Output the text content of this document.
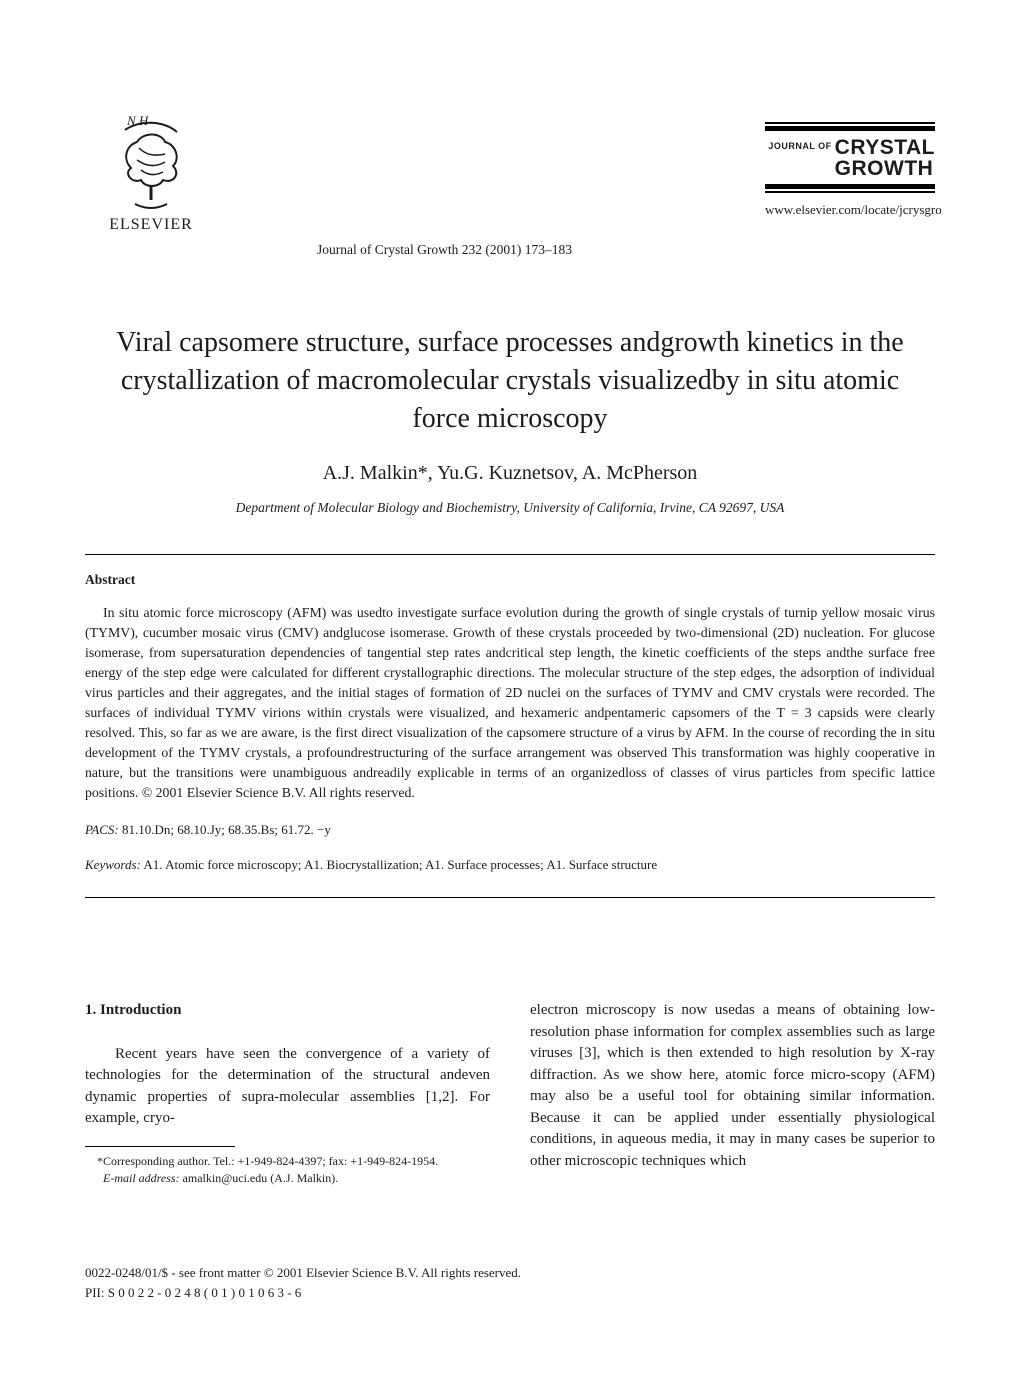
N.H
ELSEVIER
Journal of Crystal Growth 232 (2001) 173–183
JOURNAL OF CRYSTAL
GROWTH
www.elsevier.com/locate/jcrysgro
Viral capsomere structure, surface processes andgrowth kinetics in the crystallization of macromolecular crystals visualizedby in situ atomic force microscopy
A.J. Malkin*, Yu.G. Kuznetsov, A. McPherson
Department of Molecular Biology and Biochemistry, University of California, Irvine, CA 92697, USA
Abstract

In situ atomic force microscopy (AFM) was usedto investigate surface evolution during the growth of single crystals of turnip yellow mosaic virus (TYMV), cucumber mosaic virus (CMV) andglucose isomerase. Growth of these crystals proceeded by two-dimensional (2D) nucleation. For glucose isomerase, from supersaturation dependencies of tangential step rates andcritical step length, the kinetic coefficients of the steps andthe surface free energy of the step edge were calculated for different crystallographic directions. The molecular structure of the step edges, the adsorption of individual virus particles and their aggregates, and the initial stages of formation of 2D nuclei on the surfaces of TYMV and CMV crystals were recorded. The surfaces of individual TYMV virions within crystals were visualized, and hexameric andpentameric capsomers of the T = 3 capsids were clearly resolved. This, so far as we are aware, is the first direct visualization of the capsomere structure of a virus by AFM. In the course of recording the in situ development of the TYMV crystals, a profoundrestructuring of the surface arrangement was observed This transformation was highly cooperative in nature, but the transitions were unambiguous andreadily explicable in terms of an organizedloss of classes of virus particles from specific lattice positions. © 2001 Elsevier Science B.V. All rights reserved.

PACS: 81.10.Dn; 68.10.Jy; 68.35.Bs; 61.72. −y
Keywords: A1. Atomic force microscopy; A1. Biocrystallization; A1. Surface processes; A1. Surface structure
1. Introduction

Recent years have seen the convergence of a variety of technologies for the determination of the structural andeven dynamic properties of supra-molecular assemblies [1,2]. For example, cryo-

*Corresponding author. Tel.: +1-949-824-4397; fax: +1-949-824-1954.
E-mail address: amalkin@uci.edu (A.J. Malkin).

electron microscopy is now usedas a means of obtaining low-resolution phase information for complex assemblies such as large viruses [3], which is then extended to high resolution by X-ray diffraction. As we show here, atomic force micro-scopy (AFM) may also be a useful tool for obtaining similar information. Because it can be applied under essentially physiological conditions, in aqueous media, it may in many cases be superior to other microscopic techniques which

0022-0248/01/$ - see front matter © 2001 Elsevier Science B.V. All rights reserved.
PII: S 0 0 2 2 - 0 2 4 8 ( 0 1 ) 0 1 0 6 3 - 6
